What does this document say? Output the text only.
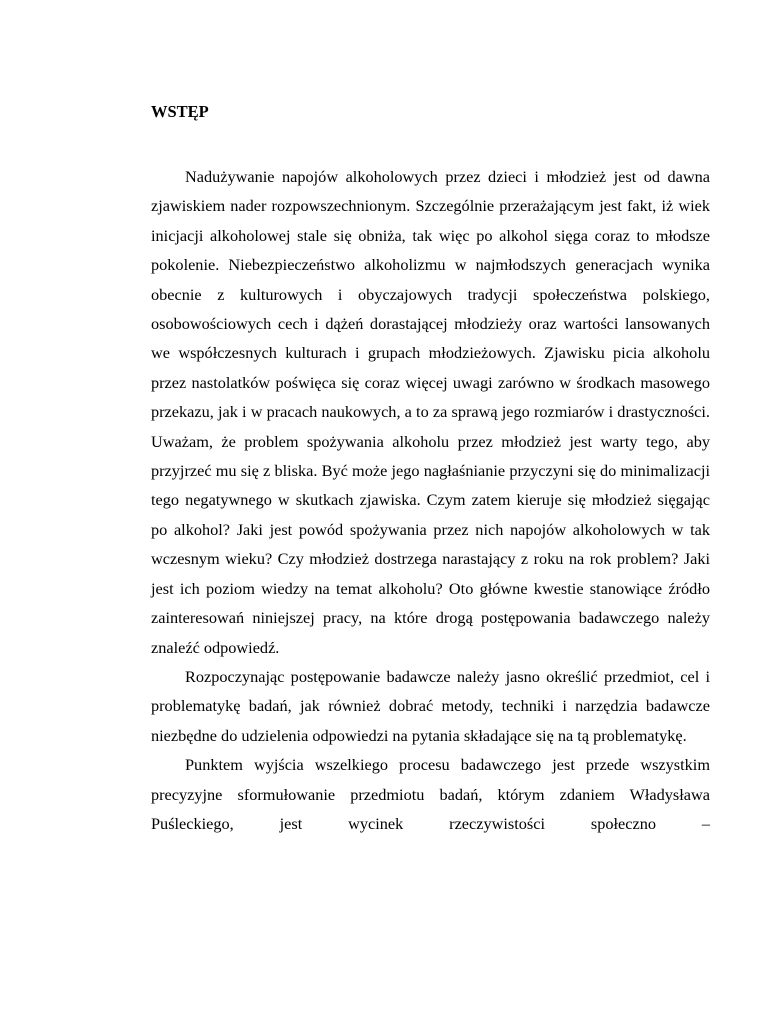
WSTĘP

Nadużywanie napojów alkoholowych przez dzieci i młodzież jest od dawna zjawiskiem nader rozpowszechnionym. Szczególnie przerażającym jest fakt, iż wiek inicjacji alkoholowej stale się obniża, tak więc po alkohol sięga coraz to młodsze pokolenie. Niebezpieczeństwo alkoholizmu w najmłodszych generacjach wynika obecnie z kulturowych i obyczajowych tradycji społeczeństwa polskiego, osobowościowych cech i dążeń dorastającej młodzieży oraz wartości lansowanych we współczesnych kulturach i grupach młodzieżowych. Zjawisku picia alkoholu przez nastolatków poświęca się coraz więcej uwagi zarówno w środkach masowego przekazu, jak i w pracach naukowych, a to za sprawą jego rozmiarów i drastyczności. Uważam, że problem spożywania alkoholu przez młodzież jest warty tego, aby przyjrzeć mu się z bliska. Być może jego nagłaśnianie przyczyni się do minimalizacji tego negatywnego w skutkach zjawiska. Czym zatem kieruje się młodzież sięgając po alkohol? Jaki jest powód spożywania przez nich napojów alkoholowych w tak wczesnym wieku? Czy młodzież dostrzega narastający z roku na rok problem? Jaki jest ich poziom wiedzy na temat alkoholu? Oto główne kwestie stanowiące źródło zainteresowań niniejszej pracy, na które drogą postępowania badawczego należy znaleźć odpowiedź.

Rozpoczynając postępowanie badawcze należy jasno określić przedmiot, cel i problematykę badań, jak również dobrać metody, techniki i narzędzia badawcze niezbędne do udzielenia odpowiedzi na pytania składające się na tą problematykę.

Punktem wyjścia wszelkiego procesu badawczego jest przede wszystkim precyzyjne sformułowanie przedmiotu badań, którym zdaniem Władysława Puśleckiego, jest wycinek rzeczywistości społeczno –
